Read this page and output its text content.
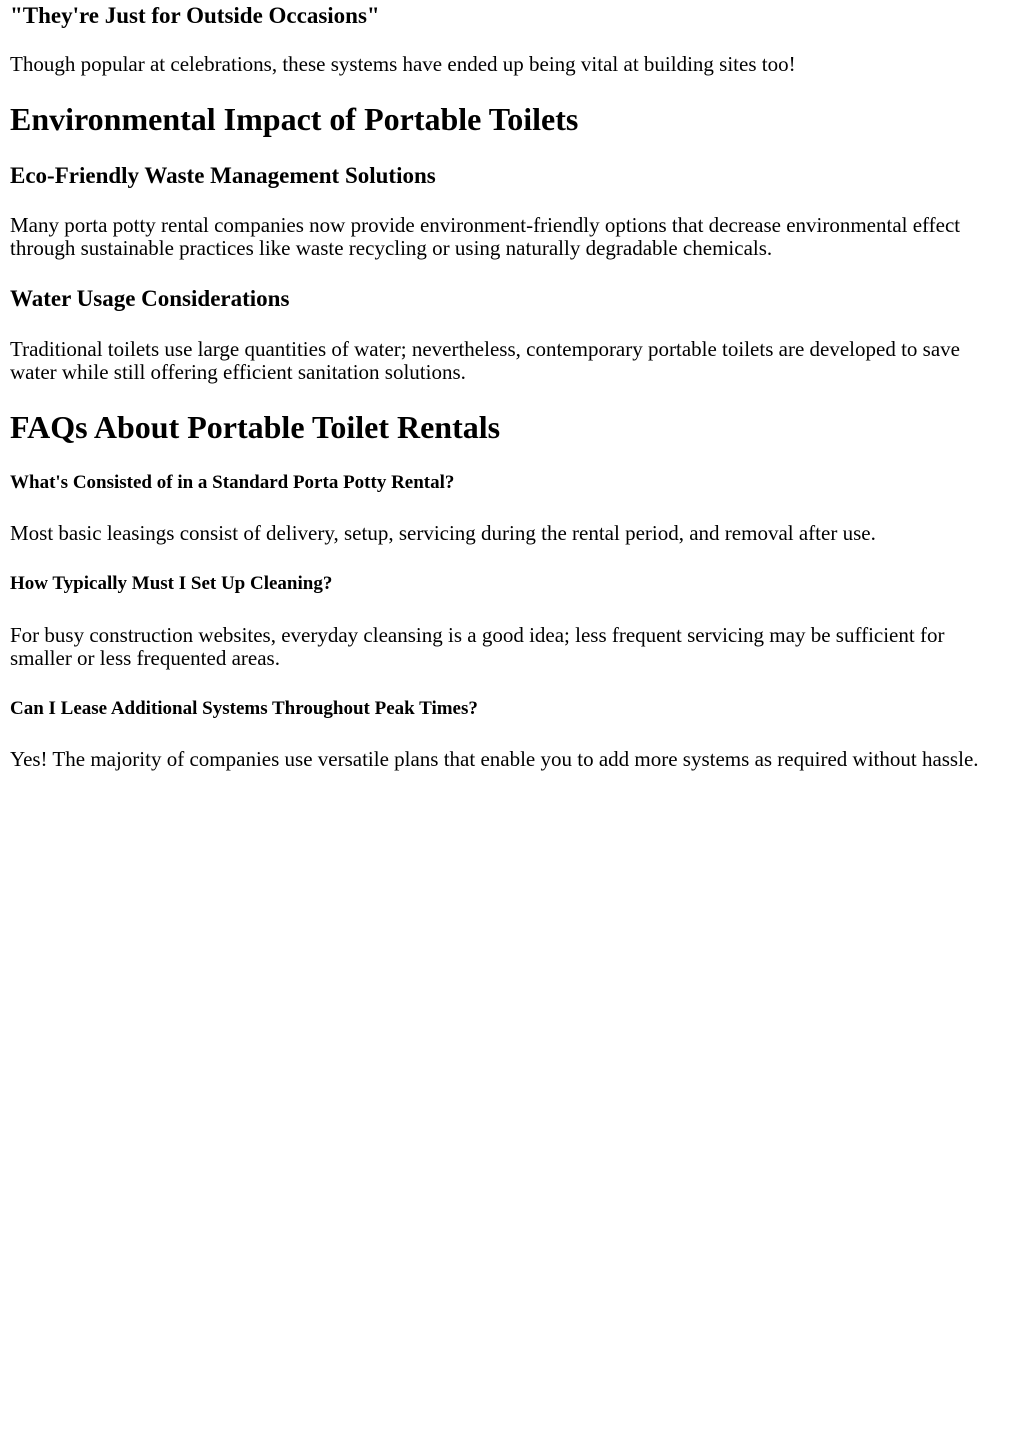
"They're Just for Outside Occasions"

Though popular at celebrations, these systems have ended up being vital at building sites too!

Environmental Impact of Portable Toilets
Eco-Friendly Waste Management Solutions

Many porta potty rental companies now provide environment-friendly options that decrease environmental effect through sustainable practices like waste recycling or using naturally degradable chemicals.

Water Usage Considerations

Traditional toilets use large quantities of water; nevertheless, contemporary portable toilets are developed to save water while still offering efficient sanitation solutions.

FAQs About Portable Toilet Rentals
What's Consisted of in a Standard Porta Potty Rental?

Most basic leasings consist of delivery, setup, servicing during the rental period, and removal after use.

How Typically Must I Set Up Cleaning?

For busy construction websites, everyday cleansing is a good idea; less frequent servicing may be sufficient for smaller or less frequented areas.

Can I Lease Additional Systems Throughout Peak Times?

Yes! The majority of companies use versatile plans that enable you to add more systems as required without hassle.
